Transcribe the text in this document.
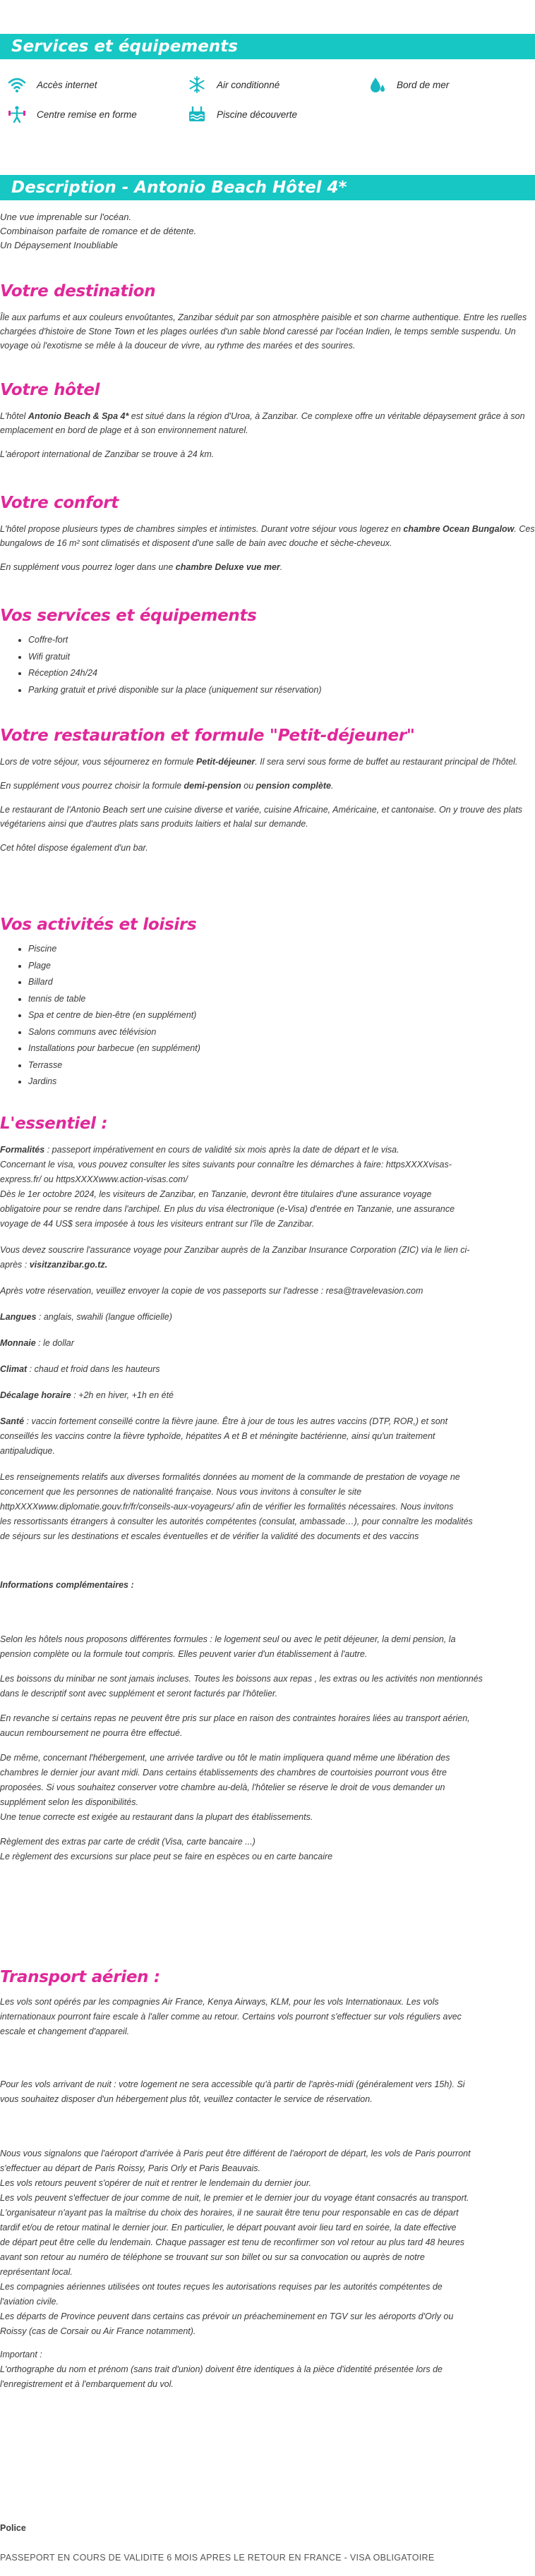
Services et équipements
Accès internet	Air conditionné	Bord de mer
Centre remise en forme	Piscine découverte
Description - Antonio Beach Hôtel 4*

Une vue imprenable sur l'océan.

Combinaison parfaite de romance et de détente.

Un Dépaysement Inoubliable

Votre destination

Île aux parfums et aux couleurs envoûtantes, Zanzibar séduit par son atmosphère paisible et son charme authentique. Entre les ruelles chargées d'histoire de Stone Town et les plages ourlées d'un sable blond caressé par l'océan Indien, le temps semble suspendu. Un voyage où l'exotisme se mêle à la douceur de vivre, au rythme des marées et des sourires.

Votre hôtel

L'hôtel Antonio Beach & Spa 4* est situé dans la région d'Uroa, à Zanzibar. Ce complexe offre un véritable dépaysement grâce à son emplacement en bord de plage et à son environnement naturel.

L'aéroport international de Zanzibar se trouve à 24 km.

Votre confort

L'hôtel propose plusieurs types de chambres simples et intimistes. Durant votre séjour vous logerez en chambre Ocean Bungalow. Ces bungalows de 16 m² sont climatisés et disposent d'une salle de bain avec douche et sèche-cheveux.

En supplément vous pourrez loger dans une chambre Deluxe vue mer.

Vos services et équipements
• Coffre-fort
• Wifi gratuit
• Réception 24h/24
• Parking gratuit et privé disponible sur la place (uniquement sur réservation)
Votre restauration et formule "Petit-déjeuner"

Lors de votre séjour, vous séjournerez en formule Petit-déjeuner. Il sera servi sous forme de buffet au restaurant principal de l'hôtel.

En supplément vous pourrez choisir la formule demi-pension ou pension complète.

Le restaurant de l'Antonio Beach sert une cuisine diverse et variée, cuisine Africaine, Américaine, et cantonaise. On y trouve des plats végétariens ainsi que d'autres plats sans produits laitiers et halal sur demande.

Cet hôtel dispose également d'un bar.

Vos activités et loisirs
• Piscine
• Plage
• Billard
• tennis de table
• Spa et centre de bien-être (en supplément)
• Salons communs avec télévision
• Installations pour barbecue (en supplément)
• Terrasse
• Jardins
L'essentiel :

Formalités : passeport impérativement en cours de validité six mois après la date de départ et le visa.

Concernant le visa, vous pouvez consulter les sites suivants pour connaître les démarches à faire: httpsXXXXvisas-

express.fr/ ou httpsXXXXwww.action-visas.com/

Dès le 1er octobre 2024, les visiteurs de Zanzibar, en Tanzanie, devront être titulaires d'une assurance voyage

obligatoire pour se rendre dans l'archipel. En plus du visa électronique (e-Visa) d'entrée en Tanzanie, une assurance

voyage de 44 US$ sera imposée à tous les visiteurs entrant sur l'île de Zanzibar.

Vous devez souscrire l'assurance voyage pour Zanzibar auprès de la Zanzibar Insurance Corporation (ZIC) via le lien ci-

après : visitzanzibar.go.tz.

Après votre réservation, veuillez envoyer la copie de vos passeports sur l'adresse : resa@travelevasion.com

Langues : anglais, swahili (langue officielle)

Monnaie : le dollar

Climat : chaud et froid dans les hauteurs

Décalage horaire : +2h en hiver, +1h en été

Santé : vaccin fortement conseillé contre la fièvre jaune. Être à jour de tous les autres vaccins (DTP, ROR,) et sont

conseillés les vaccins contre la fièvre typhoïde, hépatites A et B et méningite bactérienne, ainsi qu'un traitement

antipaludique.

Les renseignements relatifs aux diverses formalités données au moment de la commande de prestation de voyage ne

concernent que les personnes de nationalité française. Nous vous invitons à consulter le site

httpXXXXwww.diplomatie.gouv.fr/fr/conseils-aux-voyageurs/ afin de vérifier les formalités nécessaires. Nous invitons

les ressortissants étrangers à consulter les autorités compétentes (consulat, ambassade…), pour connaître les modalités

de séjours sur les destinations et escales éventuelles et de vérifier la validité des documents et des vaccins

Informations complémentaires :

Selon les hôtels nous proposons différentes formules : le logement seul ou avec le petit déjeuner, la demi pension, la

pension complète ou la formule tout compris. Elles peuvent varier d'un établissement à l'autre.

Les boissons du minibar ne sont jamais incluses. Toutes les boissons aux repas , les extras ou les activités non mentionnés

dans le descriptif sont avec supplément et seront facturés par l'hôtelier.

En revanche si certains repas ne peuvent être pris sur place en raison des contraintes horaires liées au transport aérien,

aucun remboursement ne pourra être effectué.

De même, concernant l'hébergement, une arrivée tardive ou tôt le matin impliquera quand même une libération des

chambres le dernier jour avant midi. Dans certains établissements des chambres de courtoisies pourront vous être

proposées. Si vous souhaitez conserver votre chambre au-delà, l'hôtelier se réserve le droit de vous demander un

supplément selon les disponibilités.

Une tenue correcte est exigée au restaurant dans la plupart des établissements.

Règlement des extras par carte de crédit (Visa, carte bancaire ...)

Le règlement des excursions sur place peut se faire en espèces ou en carte bancaire

Transport aérien :

Les vols sont opérés par les compagnies Air France, Kenya Airways, KLM, pour les vols Internationaux. Les vols

internationaux pourront faire escale à l'aller comme au retour. Certains vols pourront s'effectuer sur vols réguliers avec

escale et changement d'appareil.

Pour les vols arrivant de nuit : votre logement ne sera accessible qu'à partir de l'après-midi (généralement vers 15h). Si

vous souhaitez disposer d'un hébergement plus tôt, veuillez contacter le service de réservation.

Nous vous signalons que l'aéroport d'arrivée à Paris peut être différent de l'aéroport de départ, les vols de Paris pourront

s'effectuer au départ de Paris Roissy, Paris Orly et Paris Beauvais.

Les vols retours peuvent s'opérer de nuit et rentrer le lendemain du dernier jour.

Les vols peuvent s'effectuer de jour comme de nuit, le premier et le dernier jour du voyage étant consacrés au transport.

L'organisateur n'ayant pas la maîtrise du choix des horaires, il ne saurait être tenu pour responsable en cas de départ

tardif et/ou de retour matinal le dernier jour. En particulier, le départ pouvant avoir lieu tard en soirée, la date effective

de départ peut être celle du lendemain. Chaque passager est tenu de reconfirmer son vol retour au plus tard 48 heures

avant son retour au numéro de téléphone se trouvant sur son billet ou sur sa convocation ou auprès de notre

représentant local.

Les compagnies aériennes utilisées ont toutes reçues les autorisations requises par les autorités compétentes de

l'aviation civile.

Les départs de Province peuvent dans certains cas prévoir un préacheminement en TGV sur les aéroports d'Orly ou

Roissy (cas de Corsair ou Air France notamment).

Important :

L'orthographe du nom et prénom (sans trait d'union) doivent être identiques à la pièce d'identité présentée lors de

l'enregistrement et à l'embarquement du vol.

Police

PASSEPORT EN COURS DE VALIDITE 6 MOIS APRES LE RETOUR EN FRANCE - VISA OBLIGATOIRE
